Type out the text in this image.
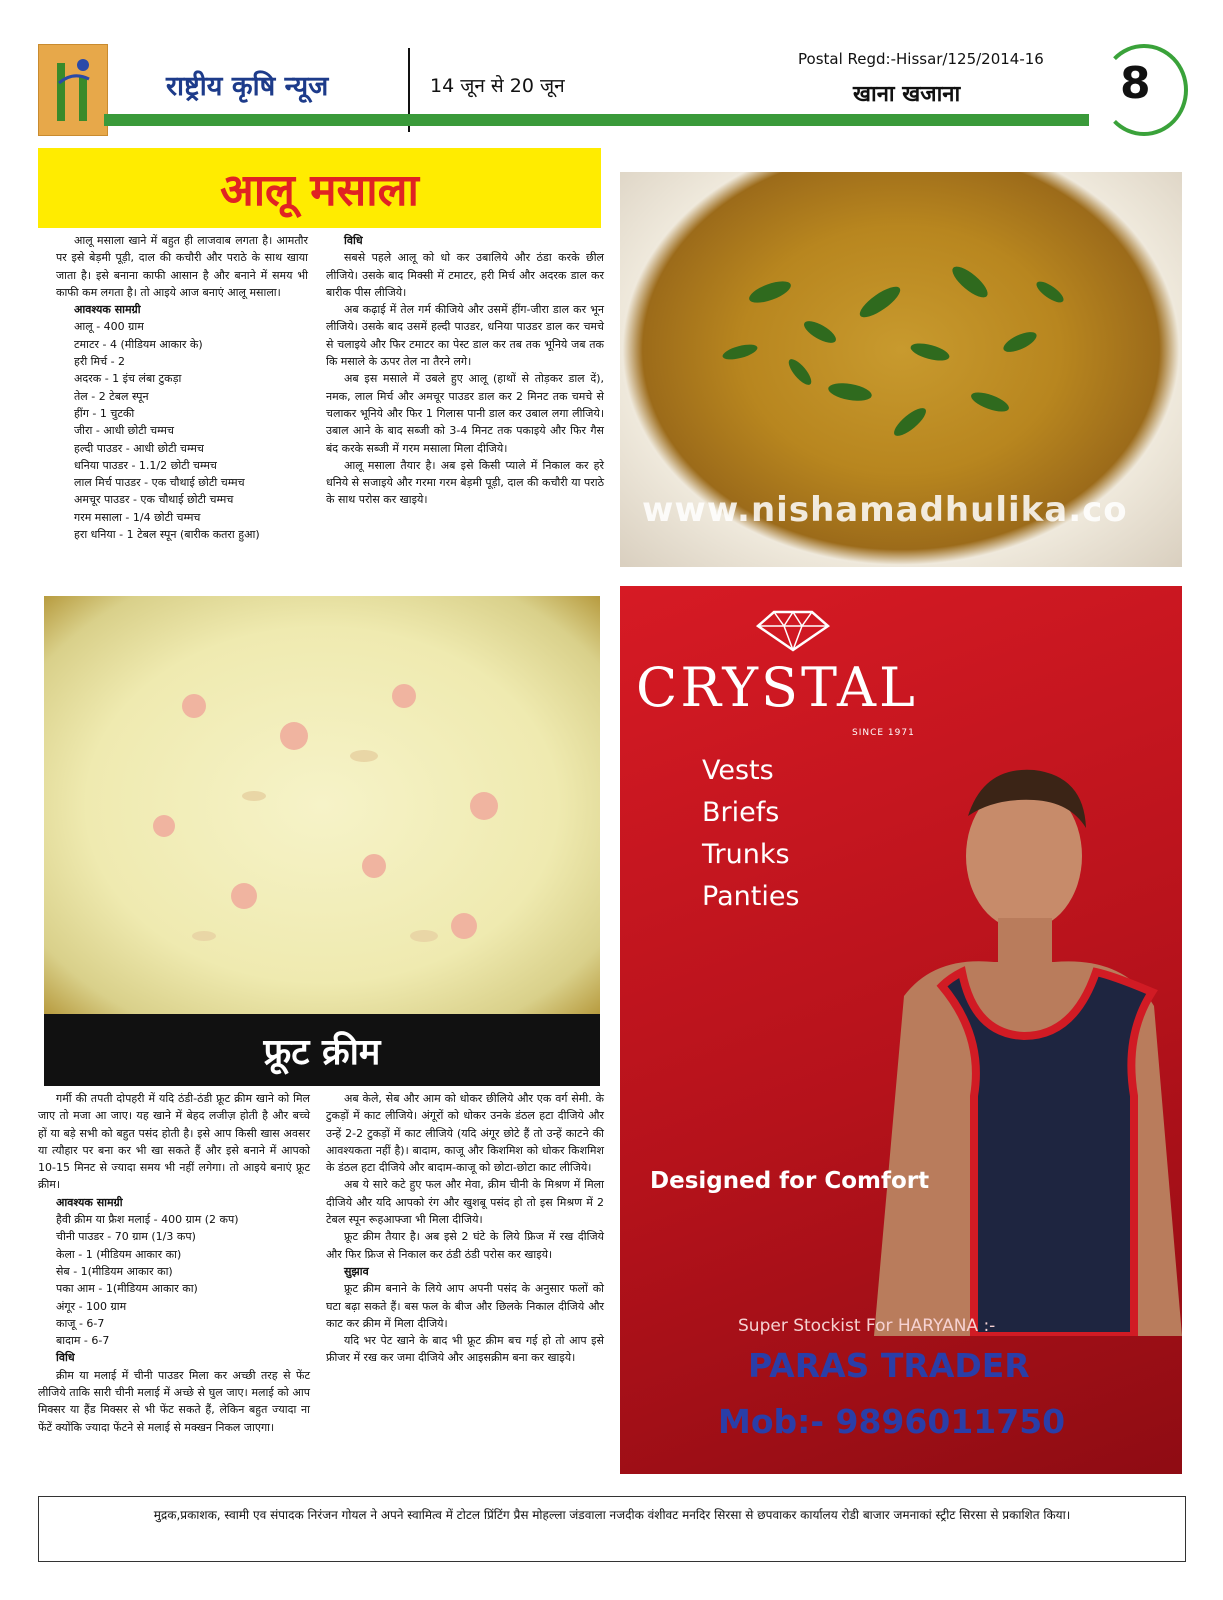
राष्ट्रीय कृषि न्यूज	14 जून से 20 जून
Postal Regd:-Hissar/125/2014-16
खाना खजाना	8
आलू मसाला

आलू मसाला खाने में बहुत ही लाजवाब लगता है। आमतौर पर इसे बेड़मी पूड़ी, दाल की कचौरी और पराठे के साथ खाया जाता है। इसे बनाना काफी आसान है और बनाने में समय भी काफी कम लगता है। तो आइये आज बनाएं आलू मसाला।

आवश्यक सामग्री
आलू - 400 ग्राम
टमाटर - 4 (मीडियम आकार के)
हरी मिर्च - 2
अदरक - 1 इंच लंबा टुकड़ा
तेल - 2 टेबल स्पून
हींग - 1 चुटकी
जीरा - आधी छोटी चम्मच
हल्दी पाउडर - आधी छोटी चम्मच
धनिया पाउडर - 1.1/2 छोटी चम्मच
लाल मिर्च पाउडर - एक चौथाई छोटी चम्मच
अमचूर पाउडर - एक चौथाई छोटी चम्मच
गरम मसाला - 1/4 छोटी चम्मच
हरा धनिया - 1 टेबल स्पून (बारीक कतरा हुआ)
विधि

सबसे पहले आलू को धो कर उबालिये और ठंडा करके छील लीजिये। उसके बाद मिक्सी में टमाटर, हरी मिर्च और अदरक डाल कर बारीक पीस लीजिये।

अब कढ़ाई में तेल गर्म कीजिये और उसमें हींग-जीरा डाल कर भून लीजिये। उसके बाद उसमें हल्दी पाउडर, धनिया पाउडर डाल कर चमचे से चलाइये और फिर टमाटर का पेस्ट डाल कर तब तक भूनिये जब तक कि मसाले के ऊपर तेल ना तैरने लगे।

अब इस मसाले में उबले हुए आलू (हाथों से तोड़कर डाल दें), नमक, लाल मिर्च और अमचूर पाउडर डाल कर 2 मिनट तक चमचे से चलाकर भूनिये और फिर 1 गिलास पानी डाल कर उबाल लगा लीजिये। उबाल आने के बाद सब्जी को 3-4 मिनट तक पकाइये और फिर गैस बंद करके सब्जी में गरम मसाला मिला दीजिये।

आलू मसाला तैयार है। अब इसे किसी प्याले में निकाल कर हरे धनिये से सजाइये और गरमा गरम बेड़मी पूड़ी, दाल की कचौरी या पराठे के साथ परोस कर खाइये।	www.nishamadhulika.co
फ्रूट क्रीम

गर्मी की तपती दोपहरी में यदि ठंडी-ठंडी फ्रूट क्रीम खाने को मिल जाए तो मजा आ जाए। यह खाने में बेहद लजीज़ होती है और बच्चे हों या बड़े सभी को बहुत पसंद होती है। इसे आप किसी खास अवसर या त्यौहार पर बना कर भी खा सकते हैं और इसे बनाने में आपको 10-15 मिनट से ज्यादा समय भी नहीं लगेगा। तो आइये बनाएं फ्रूट क्रीम।

आवश्यक सामग्री
हैवी क्रीम या फ्रैश मलाई - 400 ग्राम (2 कप)
चीनी पाउडर - 70 ग्राम (1/3 कप)
केला - 1 (मीडियम आकार का)
सेब - 1(मीडियम आकार का)
पका आम - 1(मीडियम आकार का)
अंगूर - 100 ग्राम
काजू - 6-7
बादाम - 6-7
विधि

क्रीम या मलाई में चीनी पाउडर मिला कर अच्छी तरह से फेंट लीजिये ताकि सारी चीनी मलाई में अच्छे से घुल जाए। मलाई को आप मिक्सर या हैंड मिक्सर से भी फेंट सकते हैं, लेकिन बहुत ज्यादा ना फेंटें क्योंकि ज्यादा फेंटने से मलाई से मक्खन निकल जाएगा।

अब केले, सेब और आम को धोकर छीलिये और एक वर्ग सेमी. के टुकड़ों में काट लीजिये। अंगूरों को धोकर उनके डंठल हटा दीजिये और उन्हें 2-2 टुकड़ों में काट लीजिये (यदि अंगूर छोटे हैं तो उन्हें काटने की आवश्यकता नहीं है)। बादाम, काजू और किशमिश को धोकर किशमिश के डंठल हटा दीजिये और बादाम-काजू को छोटा-छोटा काट लीजिये।

अब ये सारे कटे हुए फल और मेवा, क्रीम चीनी के मिश्रण में मिला दीजिये और यदि आपको रंग और खुशबू पसंद हो तो इस मिश्रण में 2 टेबल स्पून रूहआफ्जा भी मिला दीजिये।

फ्रूट क्रीम तैयार है। अब इसे 2 घंटे के लिये फ्रिज में रख दीजिये और फिर फ्रिज से निकाल कर ठंडी ठंडी परोस कर खाइये।

सुझाव

फ्रूट क्रीम बनाने के लिये आप अपनी पसंद के अनुसार फलों को घटा बढ़ा सकते हैं। बस फल के बीज और छिलके निकाल दीजिये और काट कर क्रीम में मिला दीजिये।

यदि भर पेट खाने के बाद भी फ्रूट क्रीम बच गई हो तो आप इसे फ्रीजर में रख कर जमा दीजिये और आइसक्रीम बना कर खाइये।

CRYSTAL
SINCE 1971
Vests
Briefs
Trunks
Panties
Designed for Comfort
Super Stockist For HARYANA :-
PARAS TRADER
Mob:- 9896011750
मुद्रक,प्रकाशक, स्वामी एव संपादक निरंजन गोयल ने अपने स्वामित्व में टोटल प्रिंटिंग प्रैस मोहल्ला जंडवाला नजदीक वंशीवट मनदिर सिरसा से छपवाकर कार्यालय रोडी बाजार जमनाकां स्ट्रीट सिरसा से प्रकाशित किया।
